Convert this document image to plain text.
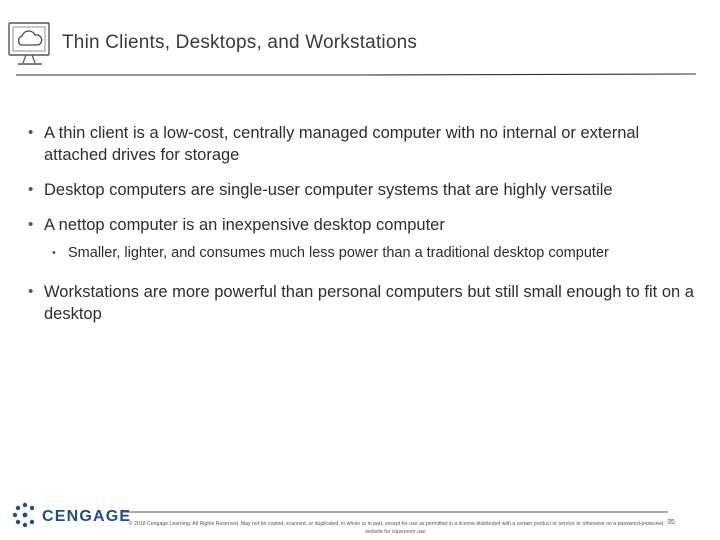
Thin Clients, Desktops, and Workstations
• A thin client is a low-cost, centrally managed computer with no internal or external attached drives for storage
• Desktop computers are single-user computer systems that are highly versatile
• A nettop computer is an inexpensive desktop computer
• Smaller, lighter, and consumes much less power than a traditional desktop computer
• Workstations are more powerful than personal computers but still small enough to fit on a desktop
CENGAGE
© 2018 Cengage Learning. All Rights Reserved. May not be copied, scanned, or duplicated, in whole or in part, except for use as permitted in a license distributed with a certain product or service or otherwise on a password-protected website for classroom use.
35
